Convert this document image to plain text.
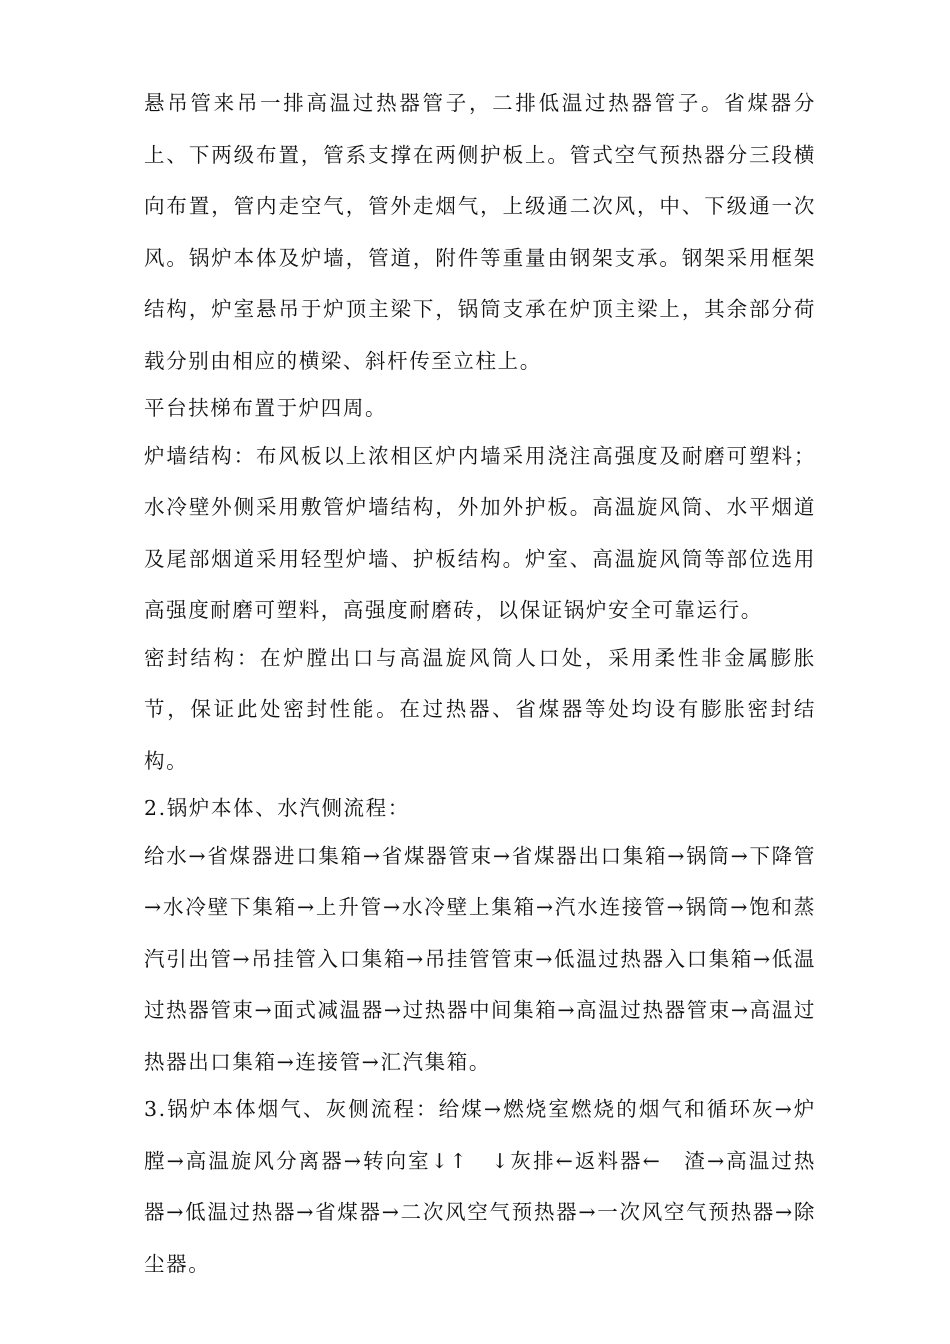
悬吊管来吊一排高温过热器管子，二排低温过热器管子。省煤器分上、下两级布置，管系支撑在两侧护板上。管式空气预热器分三段横向布置，管内走空气，管外走烟气，上级通二次风，中、下级通一次风。锅炉本体及炉墙，管道，附件等重量由钢架支承。钢架采用框架结构，炉室悬吊于炉顶主梁下，锅筒支承在炉顶主梁上，其余部分荷载分别由相应的横梁、斜杆传至立柱上。

平台扶梯布置于炉四周。

炉墙结构：布风板以上浓相区炉内墙采用浇注高强度及耐磨可塑料；水冷壁外侧采用敷管炉墙结构，外加外护板。高温旋风筒、水平烟道及尾部烟道采用轻型炉墙、护板结构。炉室、高温旋风筒等部位选用高强度耐磨可塑料，高强度耐磨砖，以保证锅炉安全可靠运行。

密封结构：在炉膛出口与高温旋风筒人口处，采用柔性非金属膨胀节，保证此处密封性能。在过热器、省煤器等处均设有膨胀密封结构。

2.锅炉本体、水汽侧流程：

给水→省煤器进口集箱→省煤器管束→省煤器出口集箱→锅筒→下降管→水冷壁下集箱→上升管→水冷壁上集箱→汽水连接管→锅筒→饱和蒸汽引出管→吊挂管入口集箱→吊挂管管束→低温过热器入口集箱→低温过热器管束→面式减温器→过热器中间集箱→高温过热器管束→高温过热器出口集箱→连接管→汇汽集箱。

3.锅炉本体烟气、灰侧流程：给煤→燃烧室燃烧的烟气和循环灰→炉膛→高温旋风分离器→转向室↓↑　↓灰排←返料器←　渣→高温过热器→低温过热器→省煤器→二次风空气预热器→一次风空气预热器→除尘器。
